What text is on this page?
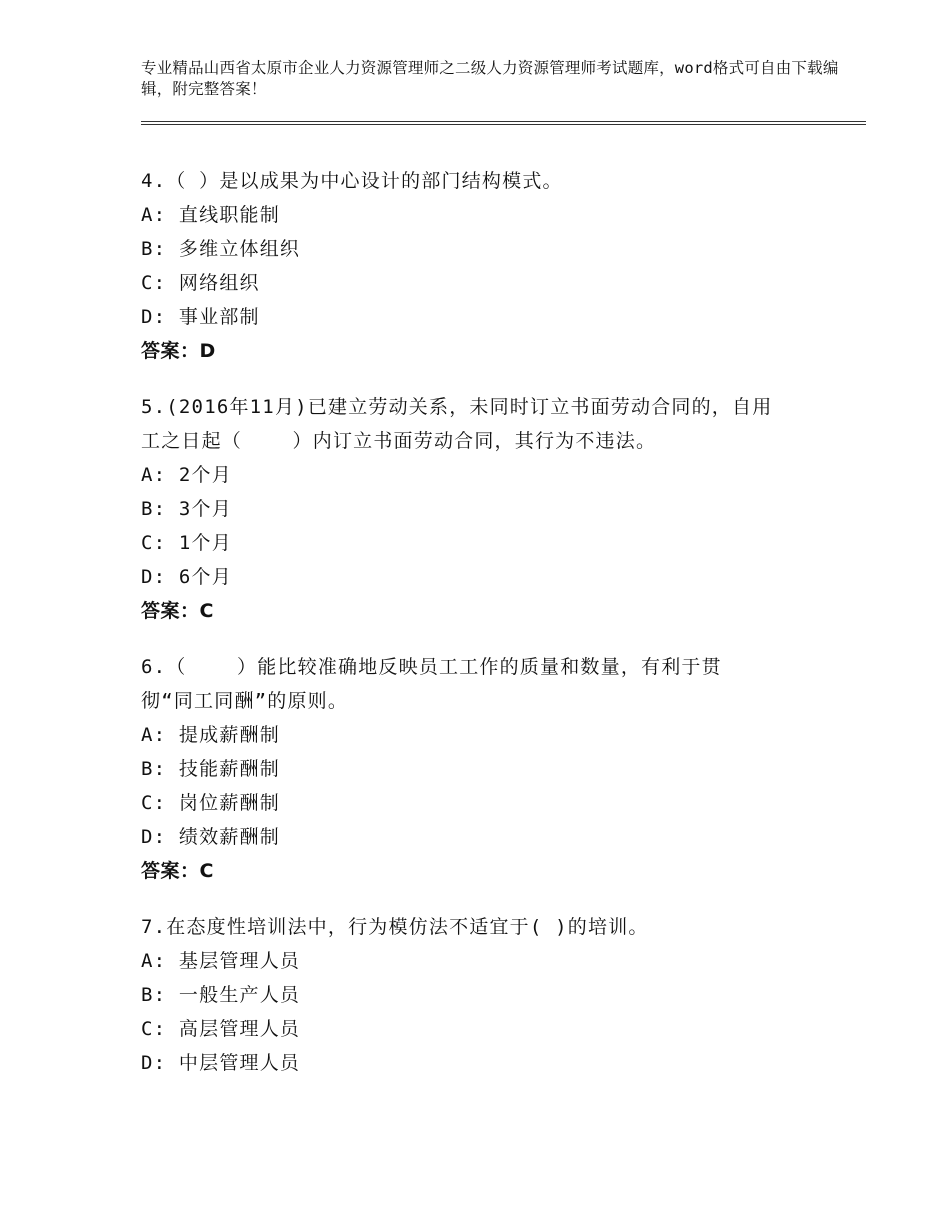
专业精品山西省太原市企业人力资源管理师之二级人力资源管理师考试题库，word格式可自由下载编辑，附完整答案！
4.（ ）是以成果为中心设计的部门结构模式。
A: 直线职能制
B: 多维立体组织
C: 网络组织
D: 事业部制
答案：D
5.(2016年11月)已建立劳动关系，未同时订立书面劳动合同的，自用
工之日起（    ）内订立书面劳动合同，其行为不违法。
A: 2个月
B: 3个月
C: 1个月
D: 6个月
答案：C
6.（    ）能比较准确地反映员工工作的质量和数量，有利于贯
彻“同工同酬”的原则。
A: 提成薪酬制
B: 技能薪酬制
C: 岗位薪酬制
D: 绩效薪酬制
答案：C
7.在态度性培训法中，行为模仿法不适宜于( )的培训。
A: 基层管理人员
B: 一般生产人员
C: 高层管理人员
D: 中层管理人员
